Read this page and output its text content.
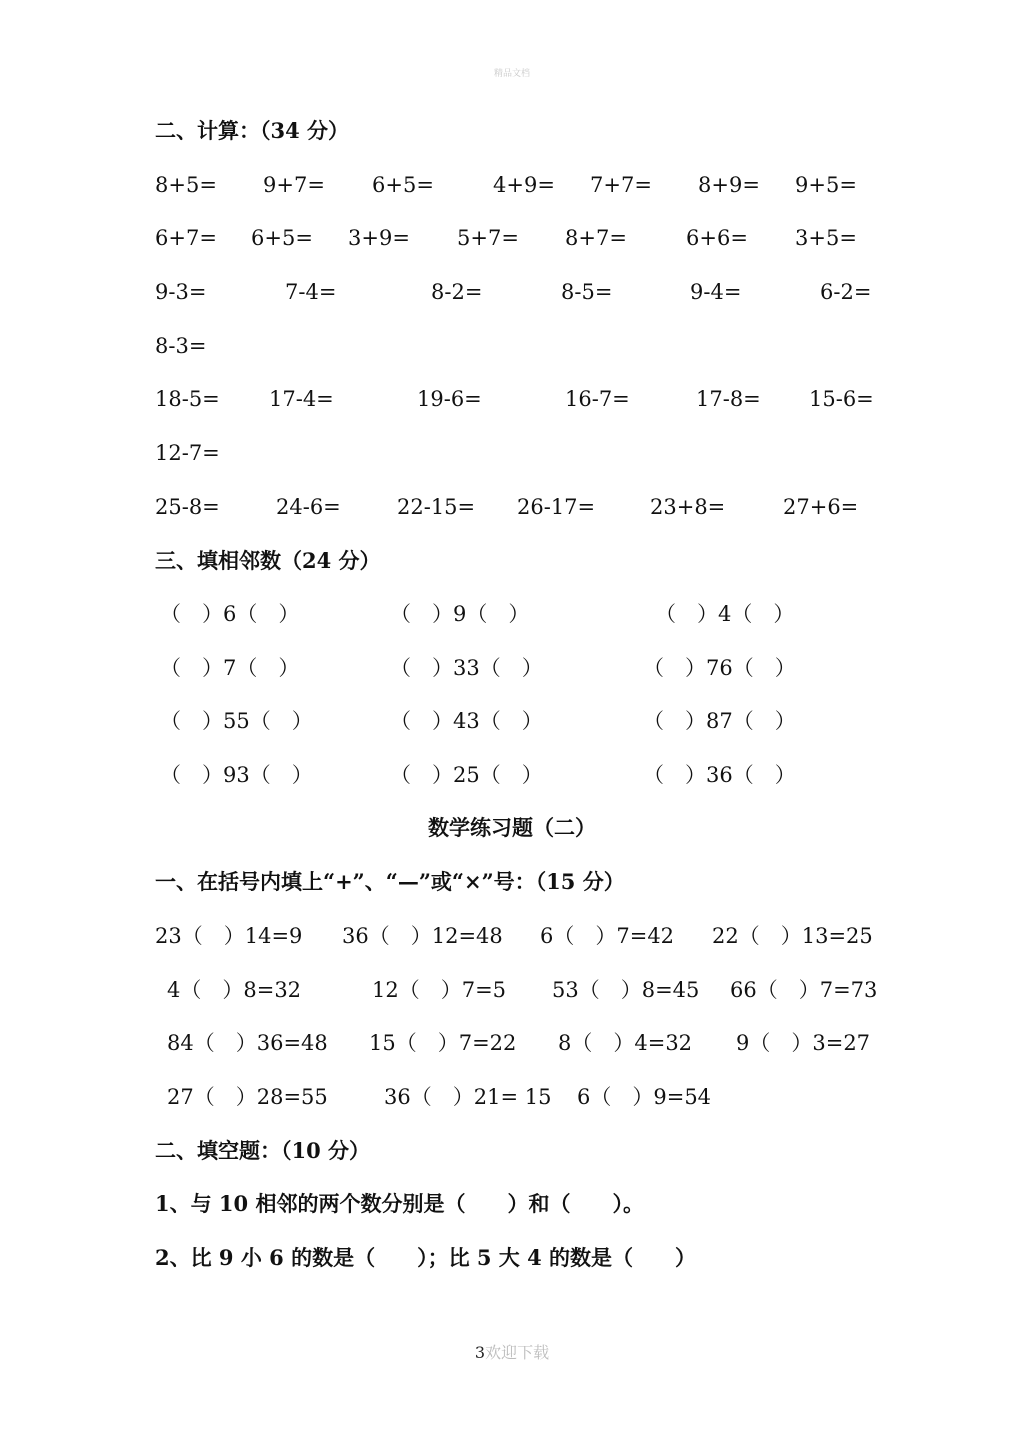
精品文档
二、计算：（34 分）
8+5= 9+7= 6+5=	4+9= 7+7= 8+9= 9+5=
6+7= 6+5= 3+9= 5+7= 8+7=	6+6= 3+5=
9-3=	7-4=	8-2=	8-5=	9-4=	6-2=
8-3=
18-5= 17-4=	19-6=	16-7=	17-8= 15-6=
12-7=
25-8=	24-6=	22-15= 26-17=	23+8=	27+6=
三、填相邻数（24 分）
（　）6（　）	（　）9（　）	（　）4（　）
（　）7（　）	（　）33（　）	（　）76（　）
（　）55（　）	（　）43（　）	（　）87（　）
（　）93（　）	（　）25（　）	（　）36（　）
数学练习题（二）
一、在括号内填上“+”、“—”或“×”号：（15 分）
23（　）14=9 36（　）12=48 6（　）7=42 22（　）13=25
4（　）8=32	12（　）7=5 53（　）8=45 66（　）7=73
84（　）36=48 15（　）7=22 8（　）4=32 9（　）3=27
27（　）28=55	36（　）21= 15 6（　）9=54
二、填空题：（10 分）
1、与 10 相邻的两个数分别是（　　）和（　　）。
2、比 9 小 6 的数是（　　）；比 5 大 4 的数是（　　）
3欢迎下载
